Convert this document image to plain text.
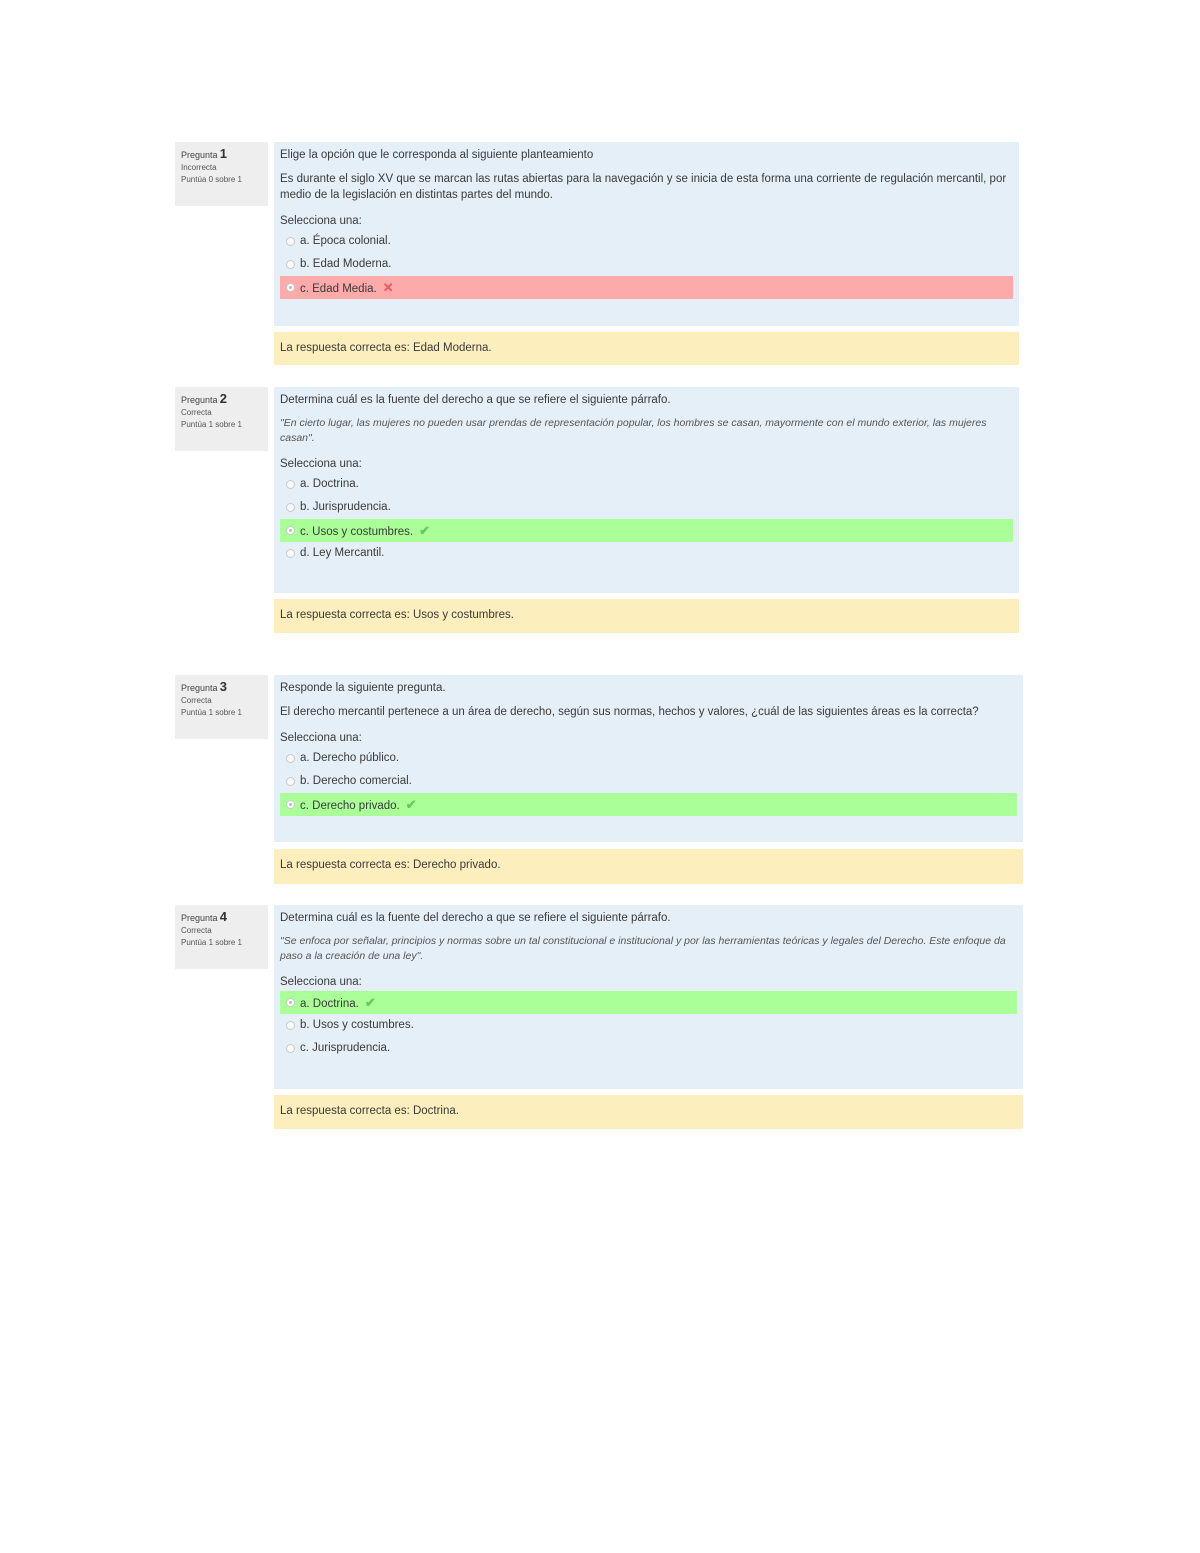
Pregunta 1
Incorrecta
Puntúa 0 sobre 1

Elige la opción que le corresponda al siguiente planteamiento

Es durante el siglo XV que se marcan las rutas abiertas para la navegación y se inicia de esta forma una corriente de regulación mercantil, por medio de la legislación en distintas partes del mundo.

Selecciona una:

a. Época colonial.
b. Edad Moderna.
c. Edad Media. ✕
La respuesta correcta es: Edad Moderna.
Pregunta 2
Correcta
Puntúa 1 sobre 1

Determina cuál es la fuente del derecho a que se refiere el siguiente párrafo.

"En cierto lugar, las mujeres no pueden usar prendas de representación popular, los hombres se casan, mayormente con el mundo exterior, las mujeres casan".

Selecciona una:

a. Doctrina.
b. Jurisprudencia.
c. Usos y costumbres. ✔
d. Ley Mercantil.
La respuesta correcta es: Usos y costumbres.
Pregunta 3
Correcta
Puntúa 1 sobre 1

Responde la siguiente pregunta.

El derecho mercantil pertenece a un área de derecho, según sus normas, hechos y valores, ¿cuál de las siguientes áreas es la correcta?

Selecciona una:

a. Derecho público.
b. Derecho comercial.
c. Derecho privado. ✔
La respuesta correcta es: Derecho privado.
Pregunta 4
Correcta
Puntúa 1 sobre 1

Determina cuál es la fuente del derecho a que se refiere el siguiente párrafo.

"Se enfoca por señalar, principios y normas sobre un tal constitucional e institucional y por las herramientas teóricas y legales del Derecho. Este enfoque da paso a la creación de una ley".

Selecciona una:

a. Doctrina. ✔
b. Usos y costumbres.
c. Jurisprudencia.
La respuesta correcta es: Doctrina.
